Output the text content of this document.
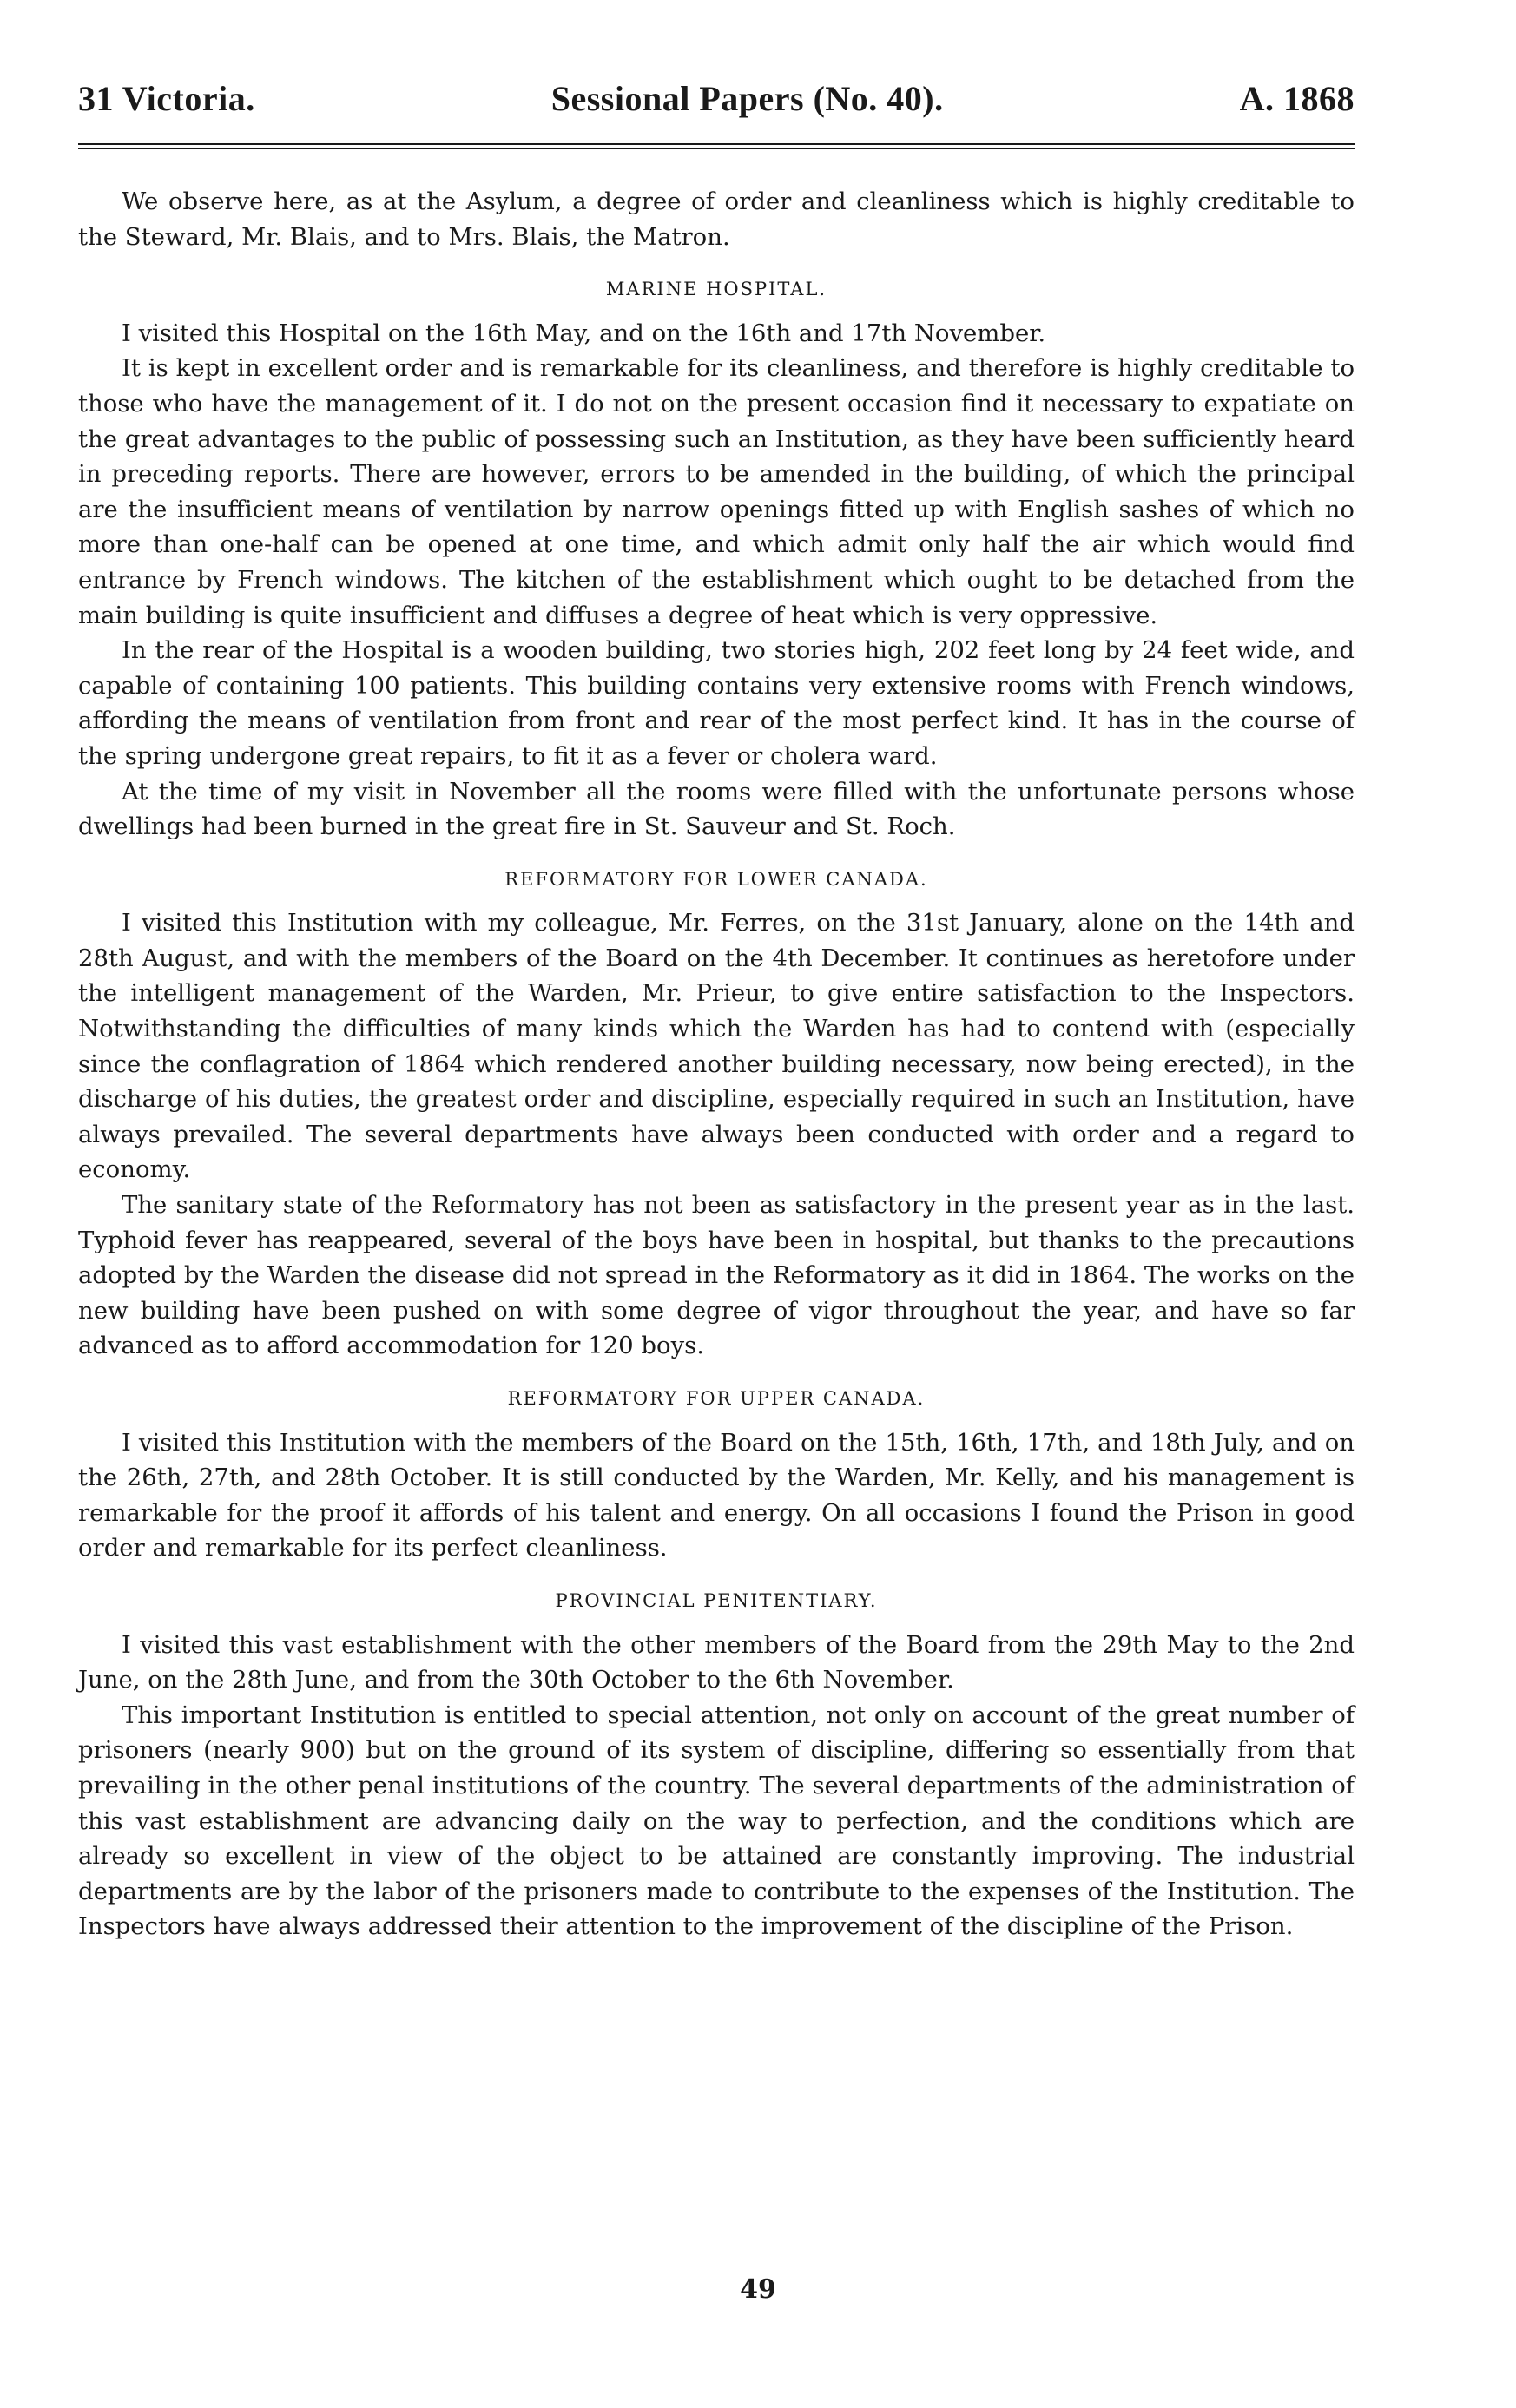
31 Victoria.	Sessional Papers (No. 40).	A. 1868

We observe here, as at the Asylum, a degree of order and cleanliness which is highly creditable to the Steward, Mr. Blais, and to Mrs. Blais, the Matron.

MARINE HOSPITAL.

I visited this Hospital on the 16th May, and on the 16th and 17th November.

It is kept in excellent order and is remarkable for its cleanliness, and therefore is highly creditable to those who have the management of it. I do not on the present occasion find it necessary to expatiate on the great advantages to the public of possessing such an Institution, as they have been sufficiently heard in preceding reports. There are however, errors to be amended in the building, of which the principal are the insufficient means of ventilation by narrow openings fitted up with English sashes of which no more than one-half can be opened at one time, and which admit only half the air which would find entrance by French windows. The kitchen of the establishment which ought to be detached from the main building is quite insufficient and diffuses a degree of heat which is very oppressive.

In the rear of the Hospital is a wooden building, two stories high, 202 feet long by 24 feet wide, and capable of containing 100 patients. This building contains very extensive rooms with French windows, affording the means of ventilation from front and rear of the most perfect kind. It has in the course of the spring undergone great repairs, to fit it as a fever or cholera ward.

At the time of my visit in November all the rooms were filled with the unfortunate persons whose dwellings had been burned in the great fire in St. Sauveur and St. Roch.

REFORMATORY FOR LOWER CANADA.

I visited this Institution with my colleague, Mr. Ferres, on the 31st January, alone on the 14th and 28th August, and with the members of the Board on the 4th December. It continues as heretofore under the intelligent management of the Warden, Mr. Prieur, to give entire satisfaction to the Inspectors. Notwithstanding the difficulties of many kinds which the Warden has had to contend with (especially since the conflagration of 1864 which rendered another building necessary, now being erected), in the discharge of his duties, the greatest order and discipline, especially required in such an Institution, have always prevailed. The several departments have always been conducted with order and a regard to economy.

The sanitary state of the Reformatory has not been as satisfactory in the present year as in the last. Typhoid fever has reappeared, several of the boys have been in hospital, but thanks to the precautions adopted by the Warden the disease did not spread in the Reformatory as it did in 1864. The works on the new building have been pushed on with some degree of vigor throughout the year, and have so far advanced as to afford accommodation for 120 boys.

REFORMATORY FOR UPPER CANADA.

I visited this Institution with the members of the Board on the 15th, 16th, 17th, and 18th July, and on the 26th, 27th, and 28th October. It is still conducted by the Warden, Mr. Kelly, and his management is remarkable for the proof it affords of his talent and energy. On all occasions I found the Prison in good order and remarkable for its perfect cleanliness.

PROVINCIAL PENITENTIARY.

I visited this vast establishment with the other members of the Board from the 29th May to the 2nd June, on the 28th June, and from the 30th October to the 6th November.

This important Institution is entitled to special attention, not only on account of the great number of prisoners (nearly 900) but on the ground of its system of discipline, differing so essentially from that prevailing in the other penal institutions of the country. The several departments of the administration of this vast establishment are advancing daily on the way to perfection, and the conditions which are already so excellent in view of the object to be attained are constantly improving. The industrial departments are by the labor of the prisoners made to contribute to the expenses of the Institution. The Inspectors have always addressed their attention to the improvement of the discipline of the Prison.

49
